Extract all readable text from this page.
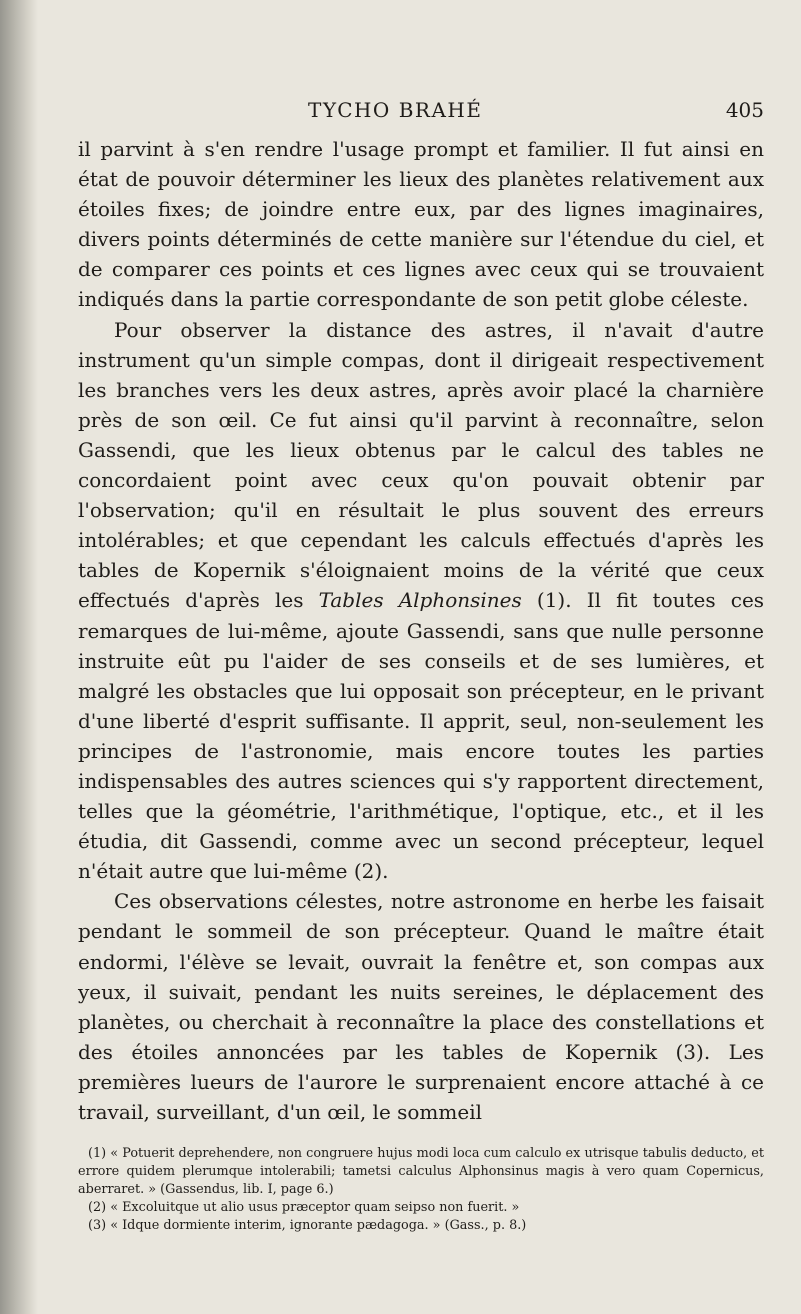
TYCHO BRAHÉ	405

il parvint à s'en rendre l'usage prompt et familier. Il fut ainsi en état de pouvoir déterminer les lieux des planètes relativement aux étoiles fixes; de joindre entre eux, par des lignes imaginaires, divers points déterminés de cette manière sur l'étendue du ciel, et de comparer ces points et ces lignes avec ceux qui se trouvaient indiqués dans la partie correspondante de son petit globe céleste.

Pour observer la distance des astres, il n'avait d'autre instrument qu'un simple compas, dont il dirigeait respectivement les branches vers les deux astres, après avoir placé la charnière près de son œil. Ce fut ainsi qu'il parvint à reconnaître, selon Gassendi, que les lieux obtenus par le calcul des tables ne concordaient point avec ceux qu'on pouvait obtenir par l'observation; qu'il en résultait le plus souvent des erreurs intolérables; et que cependant les calculs effectués d'après les tables de Kopernik s'éloignaient moins de la vérité que ceux effectués d'après les Tables Alphonsines (1). Il fit toutes ces remarques de lui-même, ajoute Gassendi, sans que nulle personne instruite eût pu l'aider de ses conseils et de ses lumières, et malgré les obstacles que lui opposait son précepteur, en le privant d'une liberté d'esprit suffisante. Il apprit, seul, non-seulement les principes de l'astronomie, mais encore toutes les parties indispensables des autres sciences qui s'y rapportent directement, telles que la géométrie, l'arithmétique, l'optique, etc., et il les étudia, dit Gassendi, comme avec un second précepteur, lequel n'était autre que lui-même (2).

Ces observations célestes, notre astronome en herbe les faisait pendant le sommeil de son précepteur. Quand le maître était endormi, l'élève se levait, ouvrait la fenêtre et, son compas aux yeux, il suivait, pendant les nuits sereines, le déplacement des planètes, ou cherchait à reconnaître la place des constellations et des étoiles annoncées par les tables de Kopernik (3). Les premières lueurs de l'aurore le surprenaient encore attaché à ce travail, surveillant, d'un œil, le sommeil

(1) « Potuerit deprehendere, non congruere hujus modi loca cum calculo ex utrisque tabulis deducto, et errore quidem plerumque intolerabili; tametsi calculus Alphonsinus magis à vero quam Copernicus, aberraret. » (Gassendus, lib. I, page 6.)

(2) « Excoluitque ut alio usus præceptor quam seipso non fuerit. »

(3) « Idque dormiente interim, ignorante pædagoga. » (Gass., p. 8.)
